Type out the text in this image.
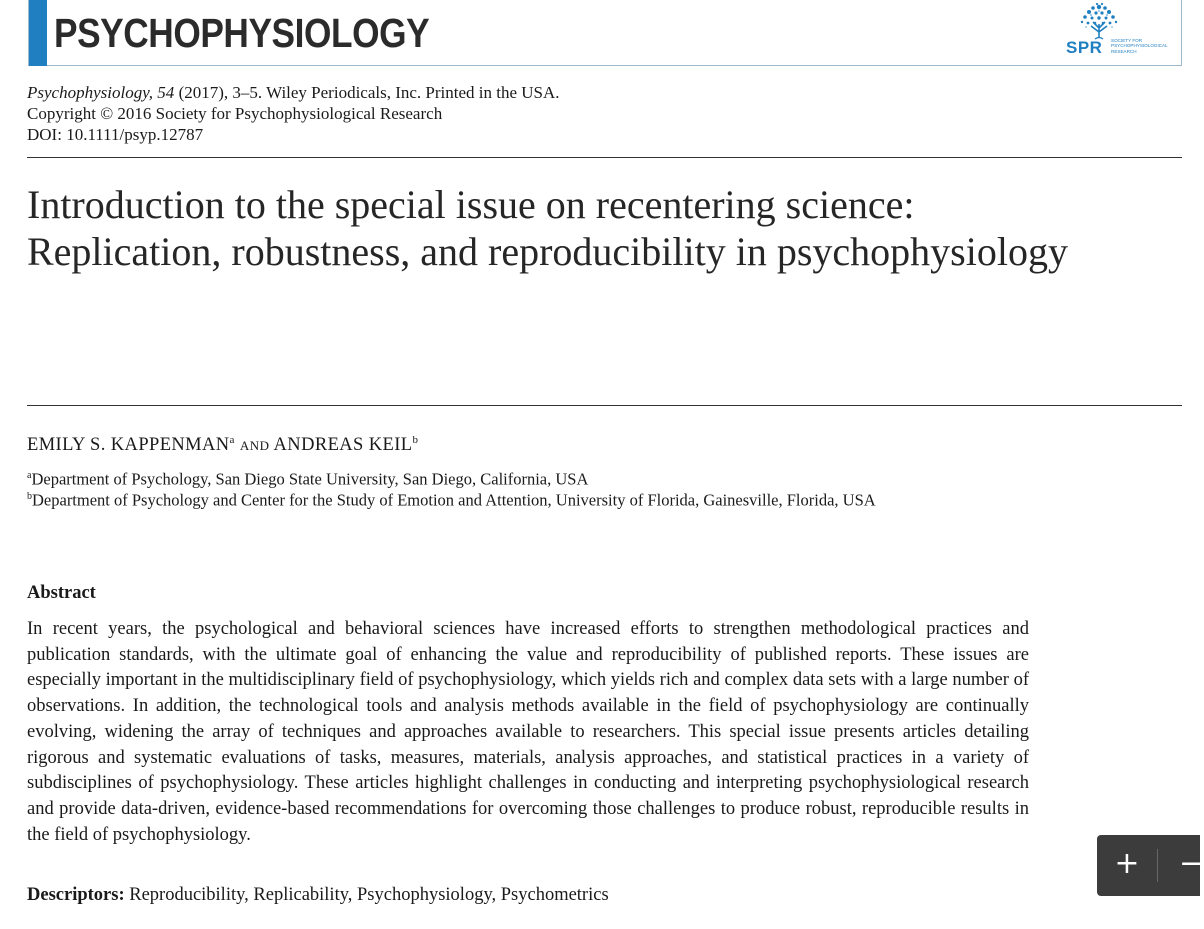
PSYCHOPHYSIOLOGY	SPR SOCIETY FOR PSYCHOPHYSIOLOGICAL RESEARCH
Psychophysiology, 54 (2017), 3–5. Wiley Periodicals, Inc. Printed in the USA.
Copyright © 2016 Society for Psychophysiological Research
DOI: 10.1111/psyp.12787
Introduction to the special issue on recentering science:
Replication, robustness, and reproducibility in psychophysiology
EMILY S. KAPPENMAN$^a$ AND ANDREAS KEIL$^b$
$^a$Department of Psychology, San Diego State University, San Diego, California, USA
$^b$Department of Psychology and Center for the Study of Emotion and Attention, University of Florida, Gainesville, Florida, USA
Abstract
In recent years, the psychological and behavioral sciences have increased efforts to strengthen methodological practices and publication standards, with the ultimate goal of enhancing the value and reproducibility of published reports. These issues are especially important in the multidisciplinary field of psychophysiology, which yields rich and complex data sets with a large number of observations. In addition, the technological tools and analysis methods available in the field of psychophysiology are continually evolving, widening the array of techniques and approaches available to researchers. This special issue presents articles detailing rigorous and systematic evaluations of tasks, measures, materials, analysis approaches, and statistical practices in a variety of subdisciplines of psychophysiology. These articles highlight challenges in conducting and interpreting psychophysiological research and provide data-driven, evidence-based recommendations for overcoming those challenges to produce robust, reproducible results in the field of psychophysiology.
Descriptors: Reproducibility, Replicability, Psychophysiology, Psychometrics
+	−
